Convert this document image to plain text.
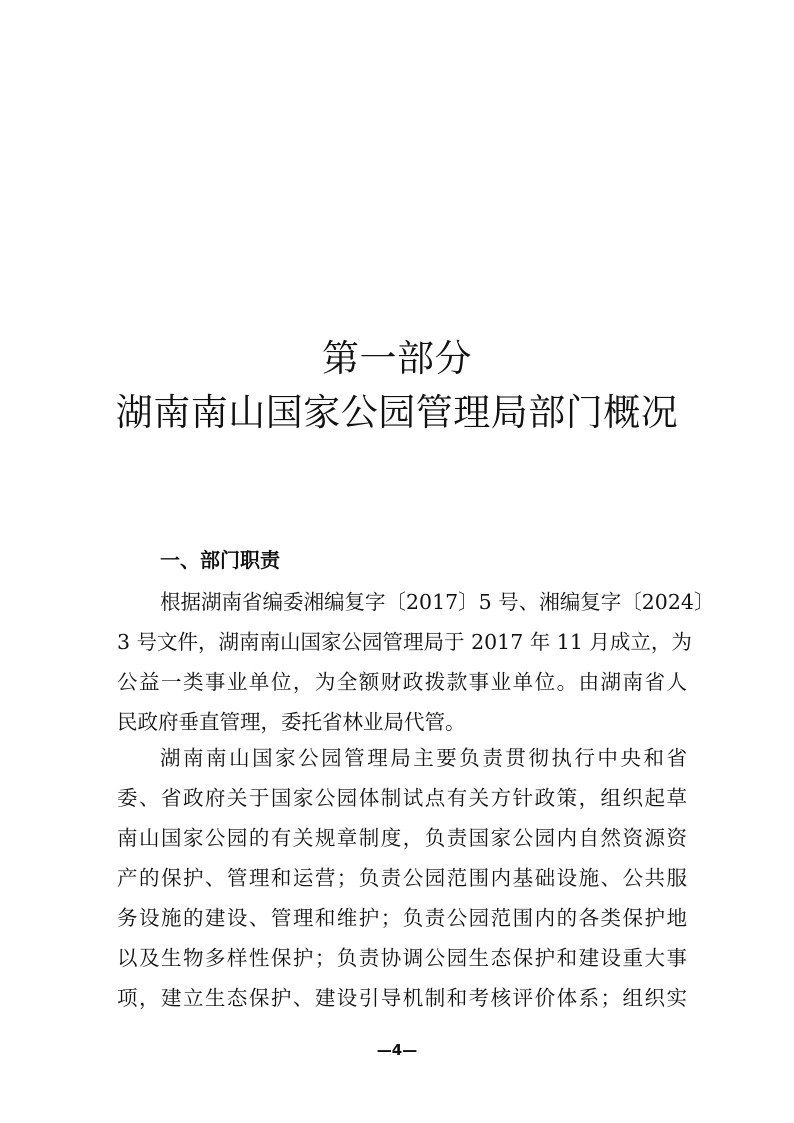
第一部分
湖南南山国家公园管理局部门概况
一、部门职责
根据湖南省编委湘编复字〔2017〕5 号、湘编复字〔2024〕
3 号文件，湖南南山国家公园管理局于 2017 年 11 月成立，为
公益一类事业单位，为全额财政拨款事业单位。由湖南省人
民政府垂直管理，委托省林业局代管。
湖南南山国家公园管理局主要负责贯彻执行中央和省
委、省政府关于国家公园体制试点有关方针政策，组织起草
南山国家公园的有关规章制度，负责国家公园内自然资源资
产的保护、管理和运营；负责公园范围内基础设施、公共服
务设施的建设、管理和维护；负责公园范围内的各类保护地
以及生物多样性保护；负责协调公园生态保护和建设重大事
项，建立生态保护、建设引导机制和考核评价体系；组织实
—4—
